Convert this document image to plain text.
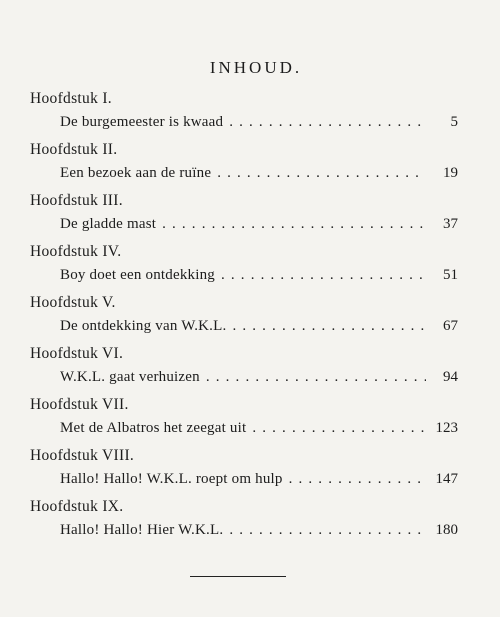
INHOUD.
Hoofdstuk I.
De burgemeester is kwaad . . .	5
Hoofdstuk II.
Een bezoek aan de ruïne . . .	19
Hoofdstuk III.
De gladde mast . . .	37
Hoofdstuk IV.
Boy doet een ontdekking . . .	51
Hoofdstuk V.
De ontdekking van W.K.L. . . .	67
Hoofdstuk VI.
W.K.L. gaat verhuizen . . .	94
Hoofdstuk VII.
Met de Albatros het zeegat uit . . .	123
Hoofdstuk VIII.
Hallo! Hallo! W.K.L. roept om hulp . . .	147
Hoofdstuk IX.
Hallo! Hallo! Hier W.K.L. . . .	180
